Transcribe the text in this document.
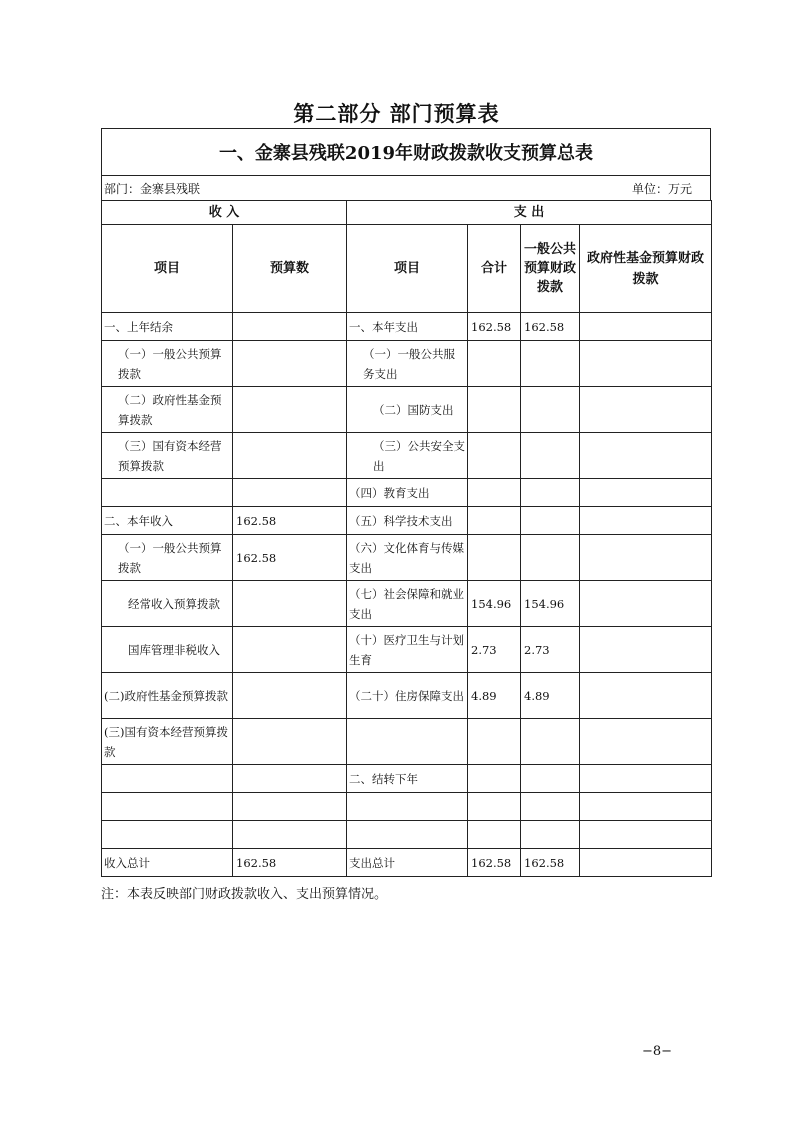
第二部分 部门预算表
一、金寨县残联2019年财政拨款收支预算总表
部门：金寨县残联	单位：万元
收 入		支 出			
项目	预算数	项目	合计	一般公共预算财政拨款	政府性基金预算财政拨款
一、上年结余		一、本年支出	162.58	162.58	
（一）一般公共预算拨款		（一）一般公共服务支出			
（二）政府性基金预算拨款		（二）国防支出			
（三）国有资本经营预算拨款		（三）公共安全支出			
		（四）教育支出			
二、本年收入	162.58	（五）科学技术支出			
（一）一般公共预算拨款	162.58	（六）文化体育与传媒支出			
经常收入预算拨款		（七）社会保障和就业支出	154.96	154.96	
国库管理非税收入		（十）医疗卫生与计划生育	2.73	2.73	
(二)政府性基金预算拨款		（二十）住房保障支出	4.89	4.89	
(三)国有资本经营预算拨款					
		二、结转下年			

收入总计	162.58	支出总计	162.58	162.58	
注：本表反映部门财政拨款收入、支出预算情况。
−8−
